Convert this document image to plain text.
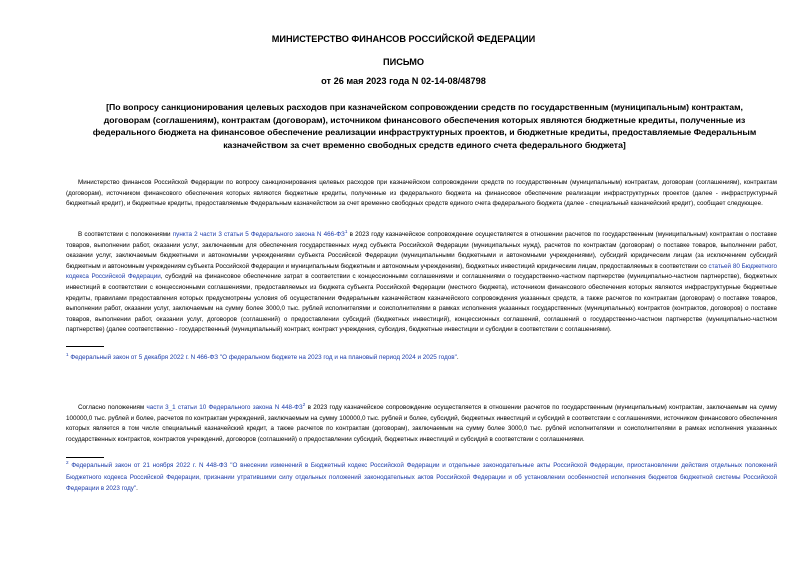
МИНИСТЕРСТВО ФИНАНСОВ РОССИЙСКОЙ ФЕДЕРАЦИИ
ПИСЬМО
от 26 мая 2023 года N 02-14-08/48798
[По вопросу санкционирования целевых расходов при казначейском сопровождении средств по государственным (муниципальным) контрактам, договорам (соглашениям), контрактам (договорам), источником финансового обеспечения которых являются бюджетные кредиты, полученные из федерального бюджета на финансовое обеспечение реализации инфраструктурных проектов, и бюджетные кредиты, предоставляемые Федеральным казначейством за счет временно свободных средств единого счета федерального бюджета]

Министерство финансов Российской Федерации по вопросу санкционирования целевых расходов при казначейском сопровождении средств по государственным (муниципальным) контрактам, договорам (соглашениям), контрактам (договорам), источником финансового обеспечения которых являются бюджетные кредиты, полученные из федерального бюджета на финансовое обеспечение реализации инфраструктурных проектов (далее - инфраструктурный бюджетный кредит), и бюджетные кредиты, предоставляемые Федеральным казначейством за счет временно свободных средств единого счета федерального бюджета (далее - специальный казначейский кредит), сообщает следующее.

В соответствии с положениями пункта 2 части 3 статьи 5 Федерального закона N $466-ФЗ^1$ в 2023 году казначейское сопровождение осуществляется в отношении расчетов по государственным (муниципальным) контрактам о поставке товаров, выполнении работ, оказании услуг, заключаемым для обеспечения государственных нужд субъекта Российской Федерации (муниципальных нужд), расчетов по контрактам (договорам) о поставке товаров, выполнении работ, оказании услуг, заключаемым бюджетными и автономными учреждениями субъекта Российской Федерации (муниципальными бюджетными и автономными учреждениями), субсидий юридическим лицам (за исключением субсидий бюджетным и автономным учреждениям субъекта Российской Федерации и муниципальным бюджетным и автономным учреждениям), бюджетных инвестиций юридическим лицам, предоставляемых в соответствии со статьей 80 Бюджетного кодекса Российской Федерации, субсидий на финансовое обеспечение затрат в соответствии с концессионными соглашениями и соглашениями о государственно-частном партнерстве (муниципально-частном партнерстве), бюджетных инвестиций в соответствии с концессионными соглашениями, предоставляемых из бюджета субъекта Российской Федерации (местного бюджета), источником финансового обеспечения которых являются инфраструктурные бюджетные кредиты, правилами предоставления которых предусмотрены условия об осуществлении Федеральным казначейством казначейского сопровождения указанных средств, а также расчетов по контрактам (договорам) о поставке товаров, выполнении работ, оказании услуг, заключаемым на сумму более 3000,0 тыс. рублей исполнителями и соисполнителями в рамках исполнения указанных государственных (муниципальных) контрактов (контрактов, договоров) о поставке товаров, выполнении работ, оказании услуг, договоров (соглашений) о предоставлении субсидий (бюджетных инвестиций), концессионных соглашений, соглашений о государственно-частном партнерстве (муниципально-частном партнерстве) (далее соответственно - государственный (муниципальный) контракт, контракт учреждения, субсидия, бюджетные инвестиции и субсидии в соответствии с соглашениями).

$^1$ Федеральный закон от 5 декабря 2022 г. N 466-ФЗ "О федеральном бюджете на 2023 год и на плановый период 2024 и 2025 годов".

Согласно положениям части 3_1 статьи 10 Федерального закона N $448-ФЗ^2$ в 2023 году казначейское сопровождение осуществляется в отношении расчетов по государственным (муниципальным) контрактам, заключаемым на сумму 100000,0 тыс. рублей и более, расчетов по контрактам учреждений, заключаемым на сумму 100000,0 тыс. рублей и более, субсидий, бюджетных инвестиций и субсидий в соответствии с соглашениями, источником финансового обеспечения которых является в том числе специальный казначейский кредит, а также расчетов по контрактам (договорам), заключаемым на сумму более 3000,0 тыс. рублей исполнителями и соисполнителями в рамках исполнения указанных государственных контрактов, контрактов учреждений, договоров (соглашений) о предоставлении субсидий, бюджетных инвестиций и субсидий в соответствии с соглашениями.

$^2$ Федеральный закон от 21 ноября 2022 г. N 448-ФЗ "О внесении изменений в Бюджетный кодекс Российской Федерации и отдельные законодательные акты Российской Федерации, приостановлении действия отдельных положений Бюджетного кодекса Российской Федерации, признании утратившими силу отдельных положений законодательных актов Российской Федерации и об установлении особенностей исполнения бюджетов бюджетной системы Российской Федерации в 2023 году".
